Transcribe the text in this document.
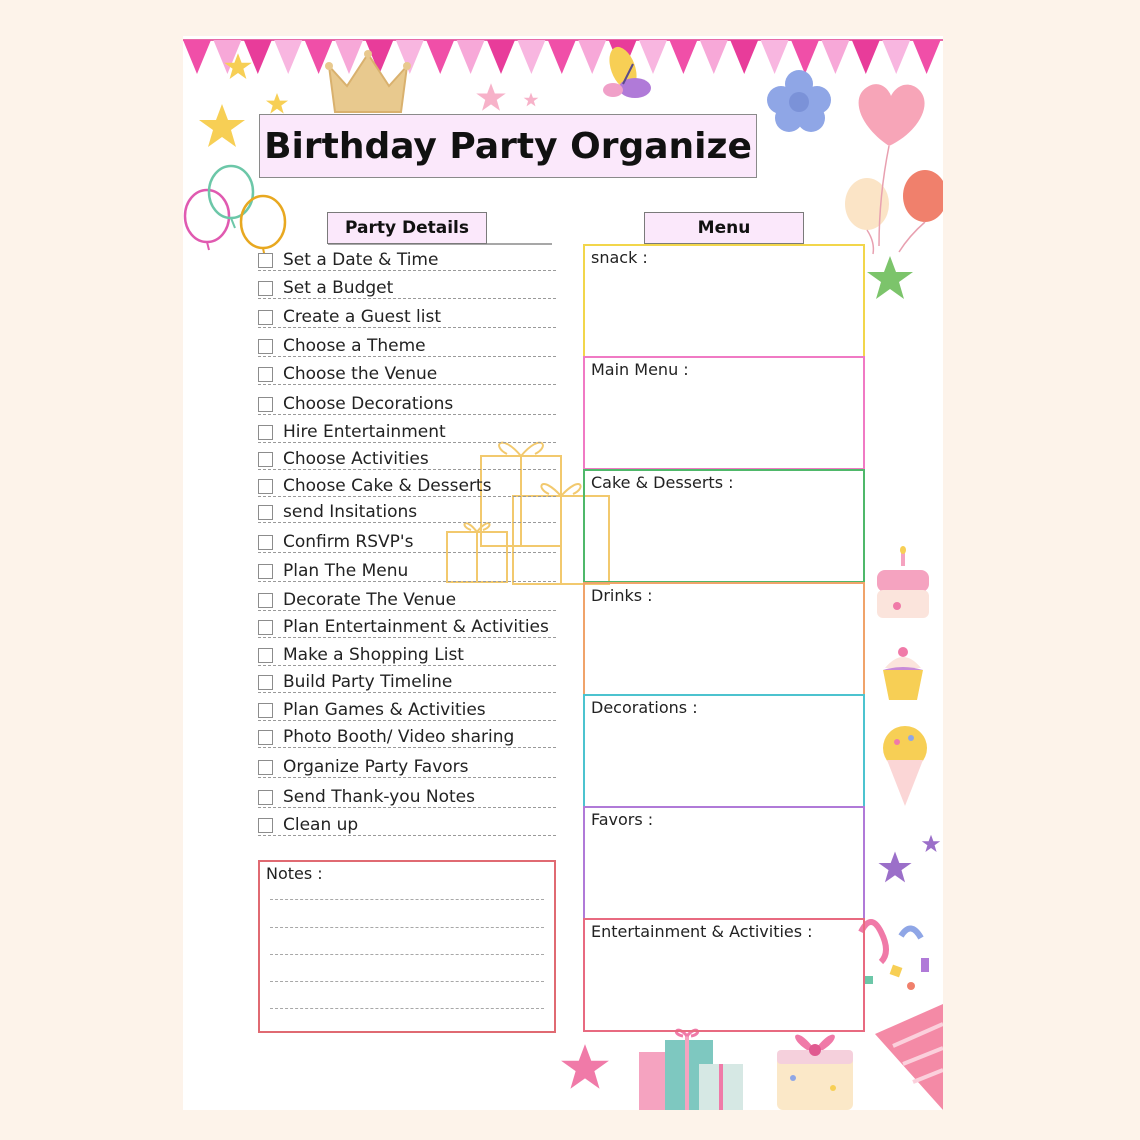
Birthday Party Organize
Party Details
Set a Date & Time
Set a Budget
Create a Guest list
Choose a Theme
Choose the Venue
Choose Decorations
Hire Entertainment
Choose Activities
Choose Cake & Desserts
send Insitations
Confirm RSVP's
Plan The Menu
Decorate The Venue
Plan Entertainment & Activities
Make a Shopping List
Build Party Timeline
Plan Games & Activities
Photo Booth/ Video sharing
Organize Party Favors
Send Thank-you Notes
Clean up
Menu
snack :
Main Menu :
Cake & Desserts :
Drinks :
Decorations :
Favors :
Entertainment & Activities :
Notes :
